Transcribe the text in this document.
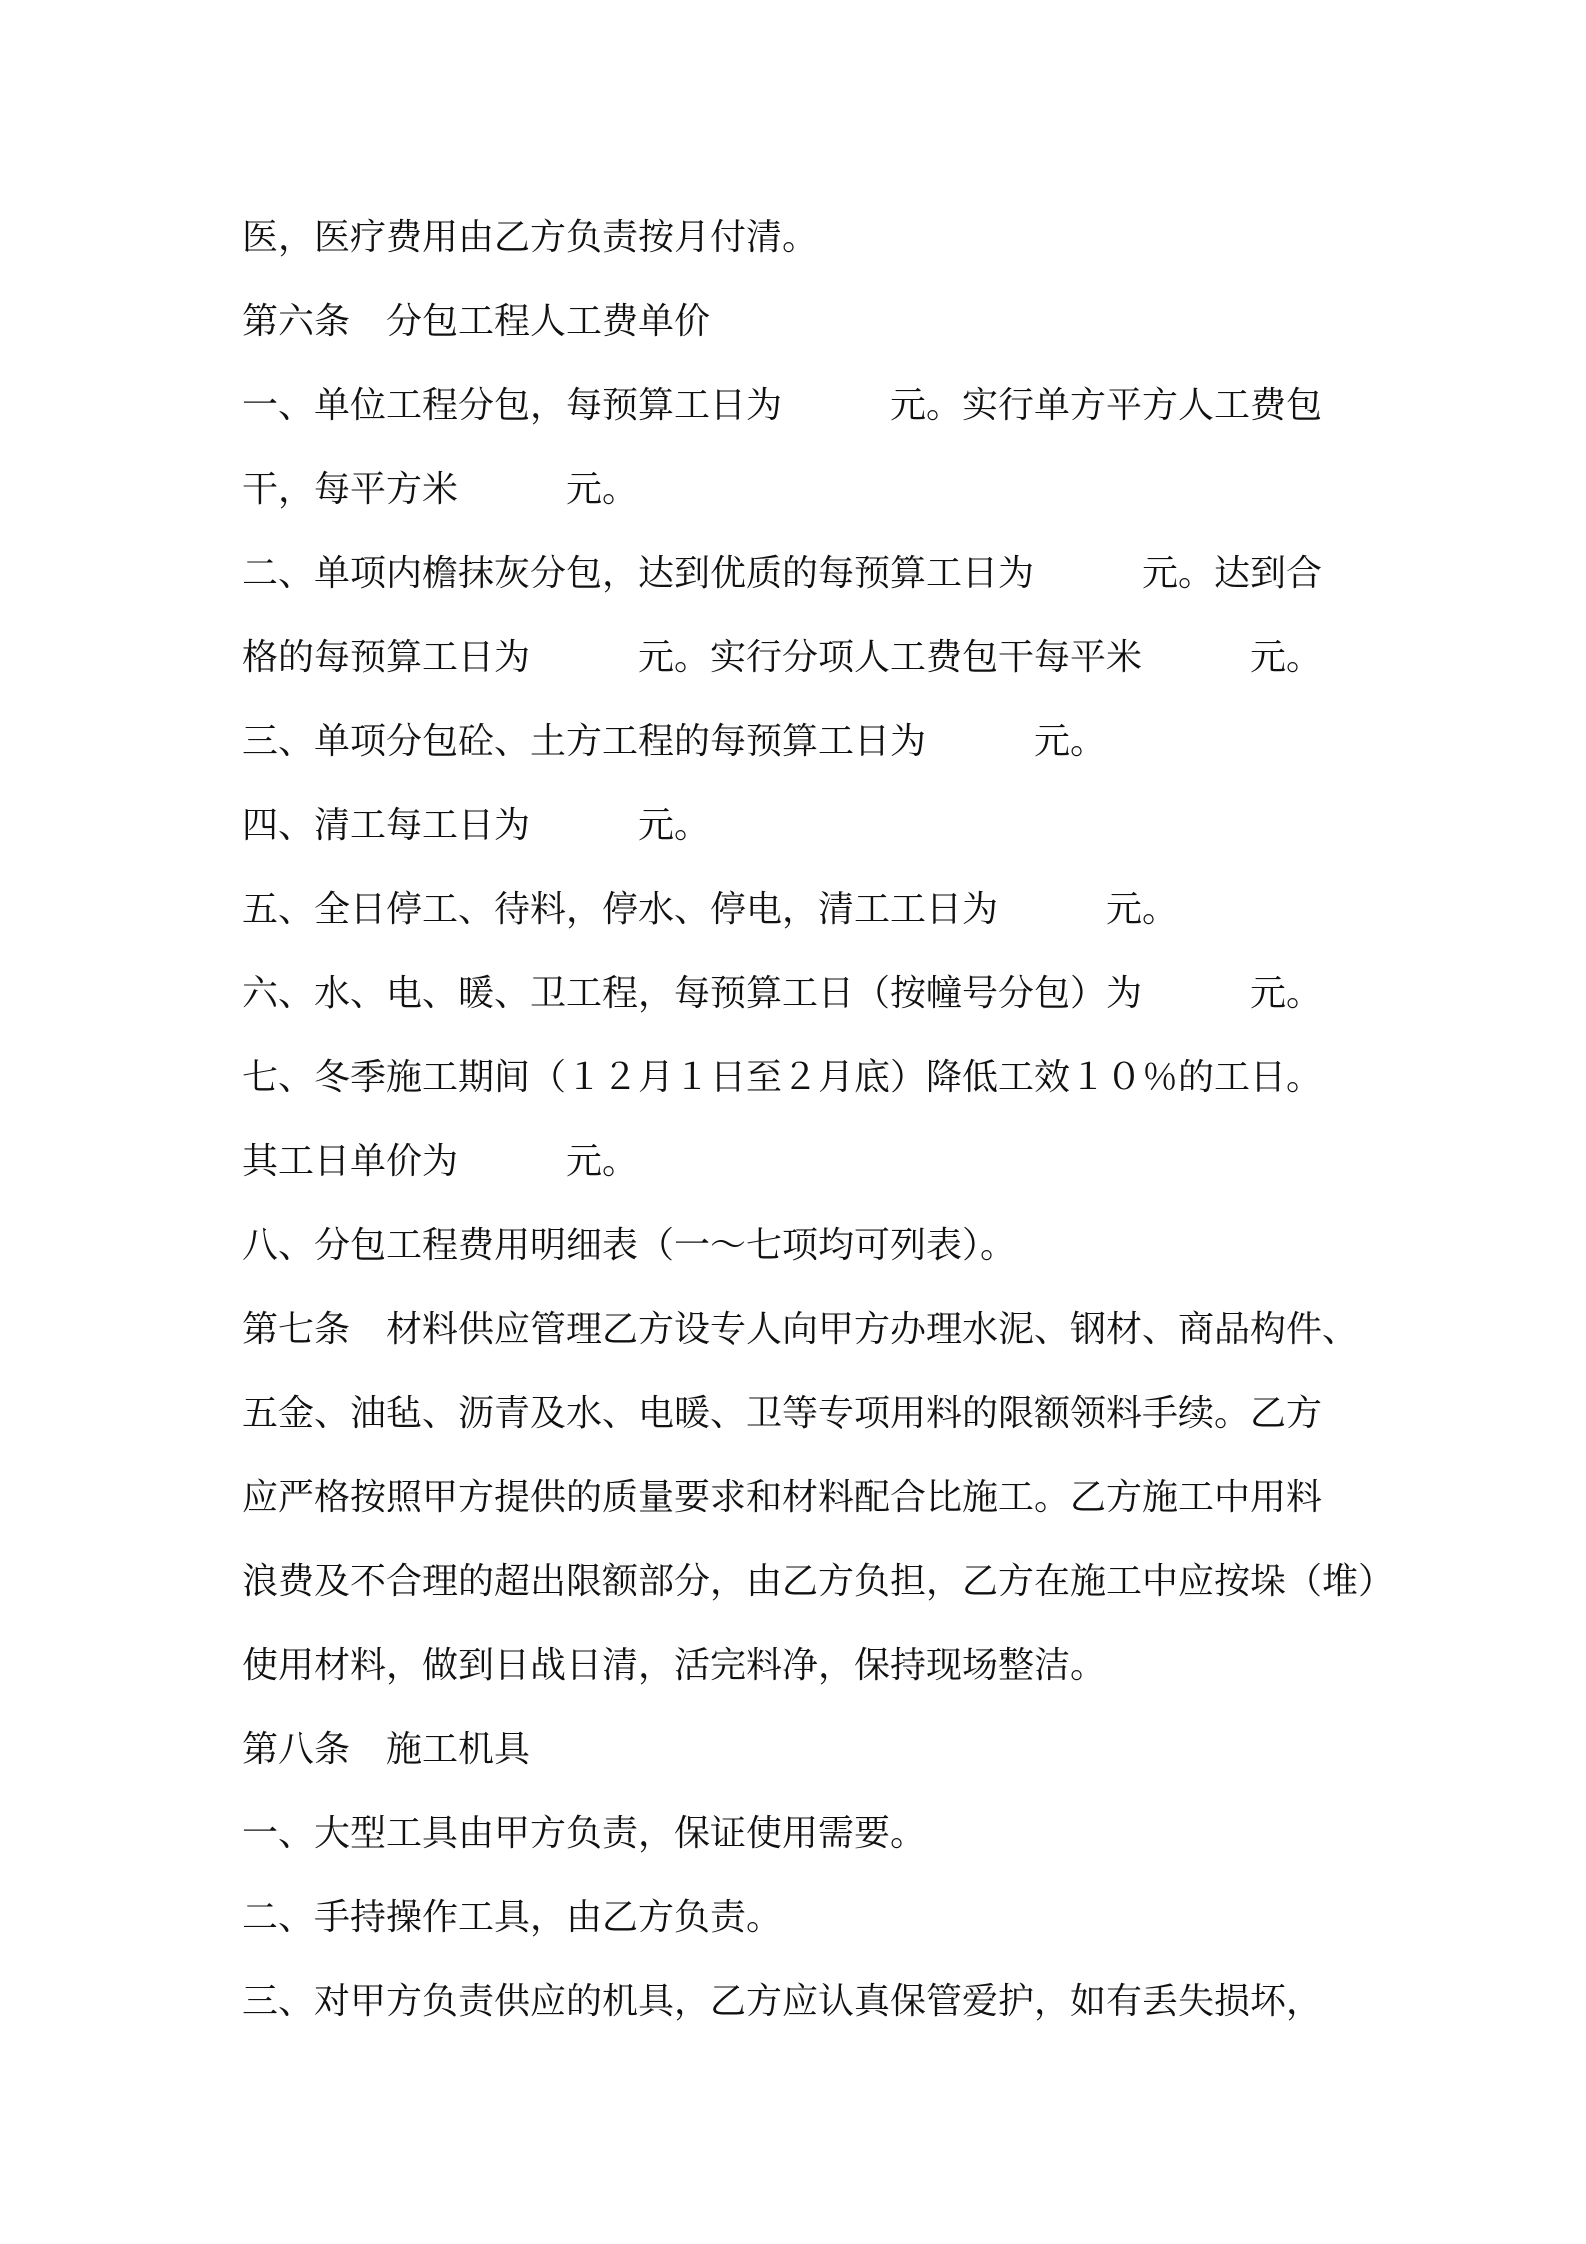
医，医疗费用由乙方负责按月付清。
第六条　分包工程人工费单价
一、单位工程分包，每预算工日为　　　元。实行单方平方人工费包
干，每平方米　　　元。
二、单项内檐抹灰分包，达到优质的每预算工日为　　　元。达到合
格的每预算工日为　　　元。实行分项人工费包干每平米　　　元。
三、单项分包砼、土方工程的每预算工日为　　　元。
四、清工每工日为　　　元。
五、全日停工、待料，停水、停电，清工工日为　　　元。
六、水、电、暖、卫工程，每预算工日（按幢号分包）为　　　元。
七、冬季施工期间（１２月１日至２月底）降低工效１０％的工日。
其工日单价为　　　元。
八、分包工程费用明细表（一～七项均可列表）。
第七条　材料供应管理乙方设专人向甲方办理水泥、钢材、商品构件、
五金、油毡、沥青及水、电暖、卫等专项用料的限额领料手续。乙方
应严格按照甲方提供的质量要求和材料配合比施工。乙方施工中用料
浪费及不合理的超出限额部分，由乙方负担，乙方在施工中应按垛（堆）
使用材料，做到日战日清，活完料净，保持现场整洁。
第八条　施工机具
一、大型工具由甲方负责，保证使用需要。
二、手持操作工具，由乙方负责。
三、对甲方负责供应的机具，乙方应认真保管爱护，如有丢失损坏，
